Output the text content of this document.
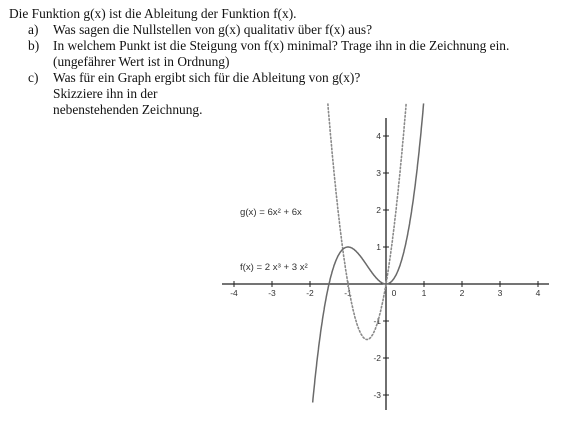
Die Funktion g(x) ist die Ableitung der Funktion f(x).
a) Was sagen die Nullstellen von g(x) qualitativ über f(x) aus?
b) In welchem Punkt ist die Steigung von f(x) minimal? Trage ihn in die Zeichnung ein.
(ungefährer Wert ist in Ordnung)
c) Was für ein Graph ergibt sich für die Ableitung von g(x)?
Skizziere ihn in der
nebenstehenden Zeichnung.
-4	-3	-2	-1	0	1	2	3	4
4
3
2
1
-1
-2
-3
g(x) = 6x² + 6x
f(x) = 2 x³ + 3 x²
